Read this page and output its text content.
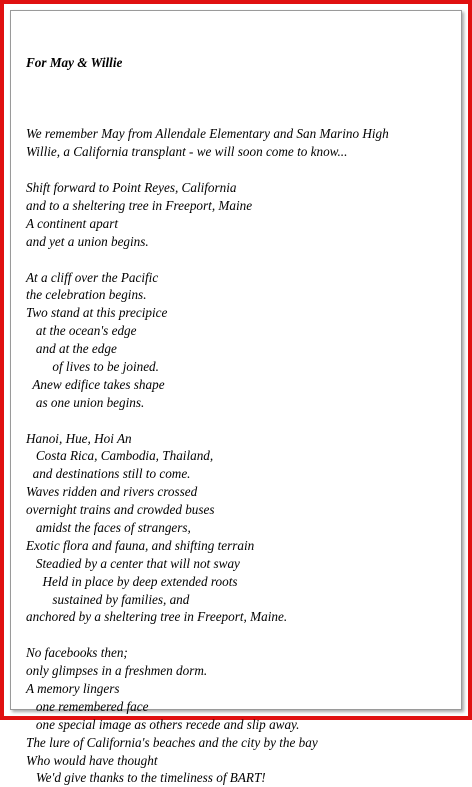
For May & Willie

We remember May from Allendale Elementary and San Marino High
Willie, a California transplant - we will soon come to know...

Shift forward to Point Reyes, California
and to a sheltering tree in Freeport, Maine
A continent apart
and yet a union begins.

At a cliff over the Pacific
the celebration begins.
Two stand at this precipice
at the ocean's edge
and at the edge
of lives to be joined.
Anew edifice takes shape
as one union begins.

Hanoi, Hue, Hoi An
Costa Rica, Cambodia, Thailand,
and destinations still to come.
Waves ridden and rivers crossed
overnight trains and crowded buses
amidst the faces of strangers,
Exotic flora and fauna, and shifting terrain
Steadied by a center that will not sway
Held in place by deep extended roots
sustained by families, and
anchored by a sheltering tree in Freeport, Maine.

No facebooks then;
only glimpses in a freshmen dorm.
A memory lingers
one remembered face
one special image as others recede and slip away.
The lure of California's beaches and the city by the bay
Who would have thought
We'd give thanks to the timeliness of BART!
